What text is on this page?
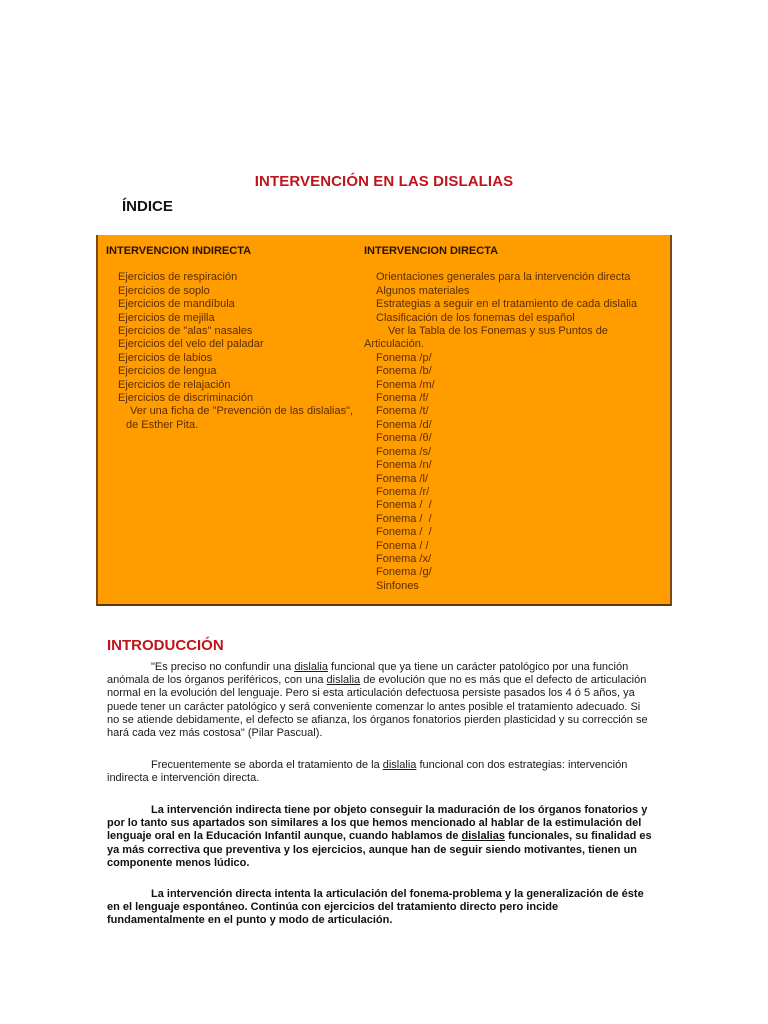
INTERVENCIÓN EN LAS DISLALIAS
ÍNDICE
INTERVENCION INDIRECTA
Ejercicios de respiración
Ejercicios de soplo
Ejercicios de mandíbula
Ejercicios de mejilla
Ejercicios de "alas" nasales
Ejercicios del velo del paladar
Ejercicios de labios
Ejercicios de lengua
Ejercicios de relajación
Ejercicios de discriminación
Ver una ficha de "Prevención de las dislalias",
de Esther Pita.
INTERVENCION DIRECTA
Orientaciones generales para la intervención directa
Algunos materiales
Estrategias a seguir en el tratamiento de cada dislalia
Clasificación de los fonemas del español
Ver la Tabla de los Fonemas y sus Puntos de Articulación.
Fonema /p/
Fonema /b/
Fonema /m/
Fonema /f/
Fonema /t/
Fonema /d/
Fonema /θ/
Fonema /s/
Fonema /n/
Fonema /l/
Fonema /r/
Fonema /  /
Fonema /  /
Fonema /  /
Fonema / /
Fonema /x/
Fonema /g/
Sinfones
INTRODUCCIÓN

"Es preciso no confundir una dislalia funcional que ya tiene un carácter patológico por una función anómala de los órganos periféricos, con una dislalia de evolución que no es más que el defecto de articulación normal en la evolución del lenguaje. Pero si esta articulación defectuosa persiste pasados los 4 ó 5 años, ya puede tener un carácter patológico y será conveniente comenzar lo antes posible el tratamiento adecuado. Si no se atiende debidamente, el defecto se afianza, los órganos fonatorios pierden plasticidad y su corrección se hará cada vez más costosa" (Pilar Pascual).

Frecuentemente se aborda el tratamiento de la dislalia funcional con dos estrategias: intervención indirecta e intervención directa.

La intervención indirecta tiene por objeto conseguir la maduración de los órganos fonatorios y por lo tanto sus apartados son similares a los que hemos mencionado al hablar de la estimulación del lenguaje oral en la Educación Infantil aunque, cuando hablamos de dislalias funcionales, su finalidad es ya más correctiva que preventiva y los ejercicios, aunque han de seguir siendo motivantes, tienen un componente menos lúdico.

La intervención directa intenta la articulación del fonema-problema y la generalización de éste en el lenguaje espontáneo. Continúa con ejercicios del tratamiento directo pero incide fundamentalmente en el punto y modo de articulación.
